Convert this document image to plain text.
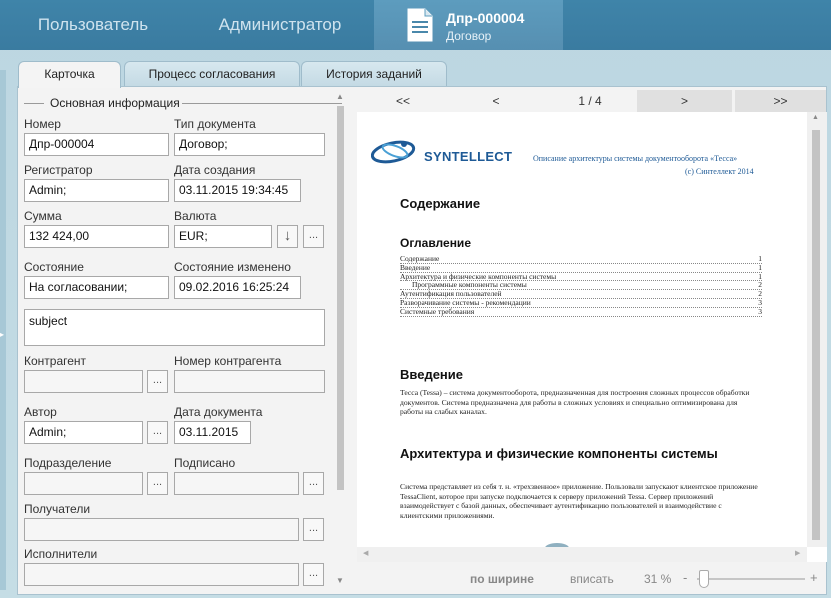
Пользователь	Администратор	Дпр-000004
Договор
▸
Карточка	Процесс согласования	История заданий
Основная информация
Номер
Дпр-000004
Тип документа
Договор;
Регистратор
Admin;
Дата создания
03.11.2015 19:34:45
Сумма
132 424,00
Валюта
EUR;	↓	...
Состояние
На согласовании;
Состояние изменено
09.02.2016 16:25:24
subject
Контрагент
...
Номер контрагента
Автор
Admin;	...
Дата документа
03.11.2015
Подразделение
...
Подписано
...
Получатели
...
Исполнители
...
▲
▼
<<	<	1 / 4	>	>>
SYNTELLECT	Описание архитектуры системы документооборота «Тесса»
(c) Синтеллект 2014
Содержание
Оглавление
Содержание	1
Введение	1
Архитектура и физические компоненты системы	1
Программные компоненты системы	2
Аутентификация пользователей	2
Разворачивание системы - рекомендации	3
Системные требования	3
Введение
Тесса (Tessa) – система документооборота, предназначенная для построения сложных процессов обработки документов. Система предназначена для работы в сложных условиях и специально оптимизирована для работы на слабых каналах.
Архитектура и физические компоненты системы
Система представляет из себя т. н. «трехзвенное» приложение. Пользовали запускают клиентское приложение TessaClient, которое при запуске подключается к серверу приложений Tessa. Сервер приложений взаимодействует с базой данных, обеспечивает аутентификацию пользователей и взаимодействие с клиентскими приложениями.
▲
◀	▶
по ширине	вписать	31 % -	+
